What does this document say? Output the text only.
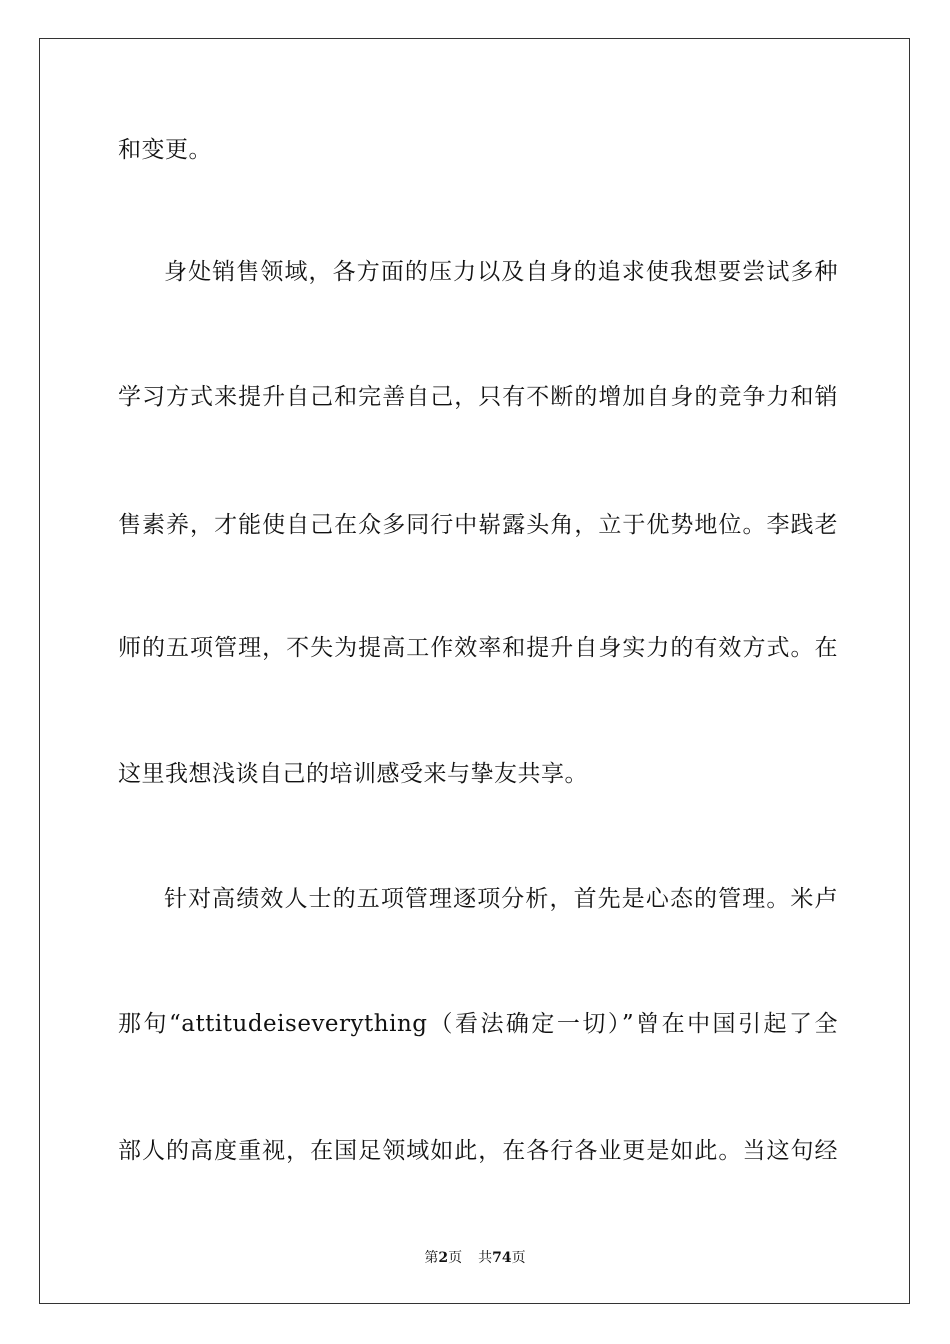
和变更。
身处销售领域，各方面的压力以及自身的追求使我想要尝试多种
学习方式来提升自己和完善自己，只有不断的增加自身的竞争力和销
售素养，才能使自己在众多同行中崭露头角，立于优势地位。李践老
师的五项管理，不失为提高工作效率和提升自身实力的有效方式。在
这里我想浅谈自己的培训感受来与挚友共享。
针对高绩效人士的五项管理逐项分析，首先是心态的管理。米卢
那句“attitudeiseverything（看法确定一切）”曾在中国引起了全
部人的高度重视，在国足领域如此，在各行各业更是如此。当这句经
第2页 共74页
